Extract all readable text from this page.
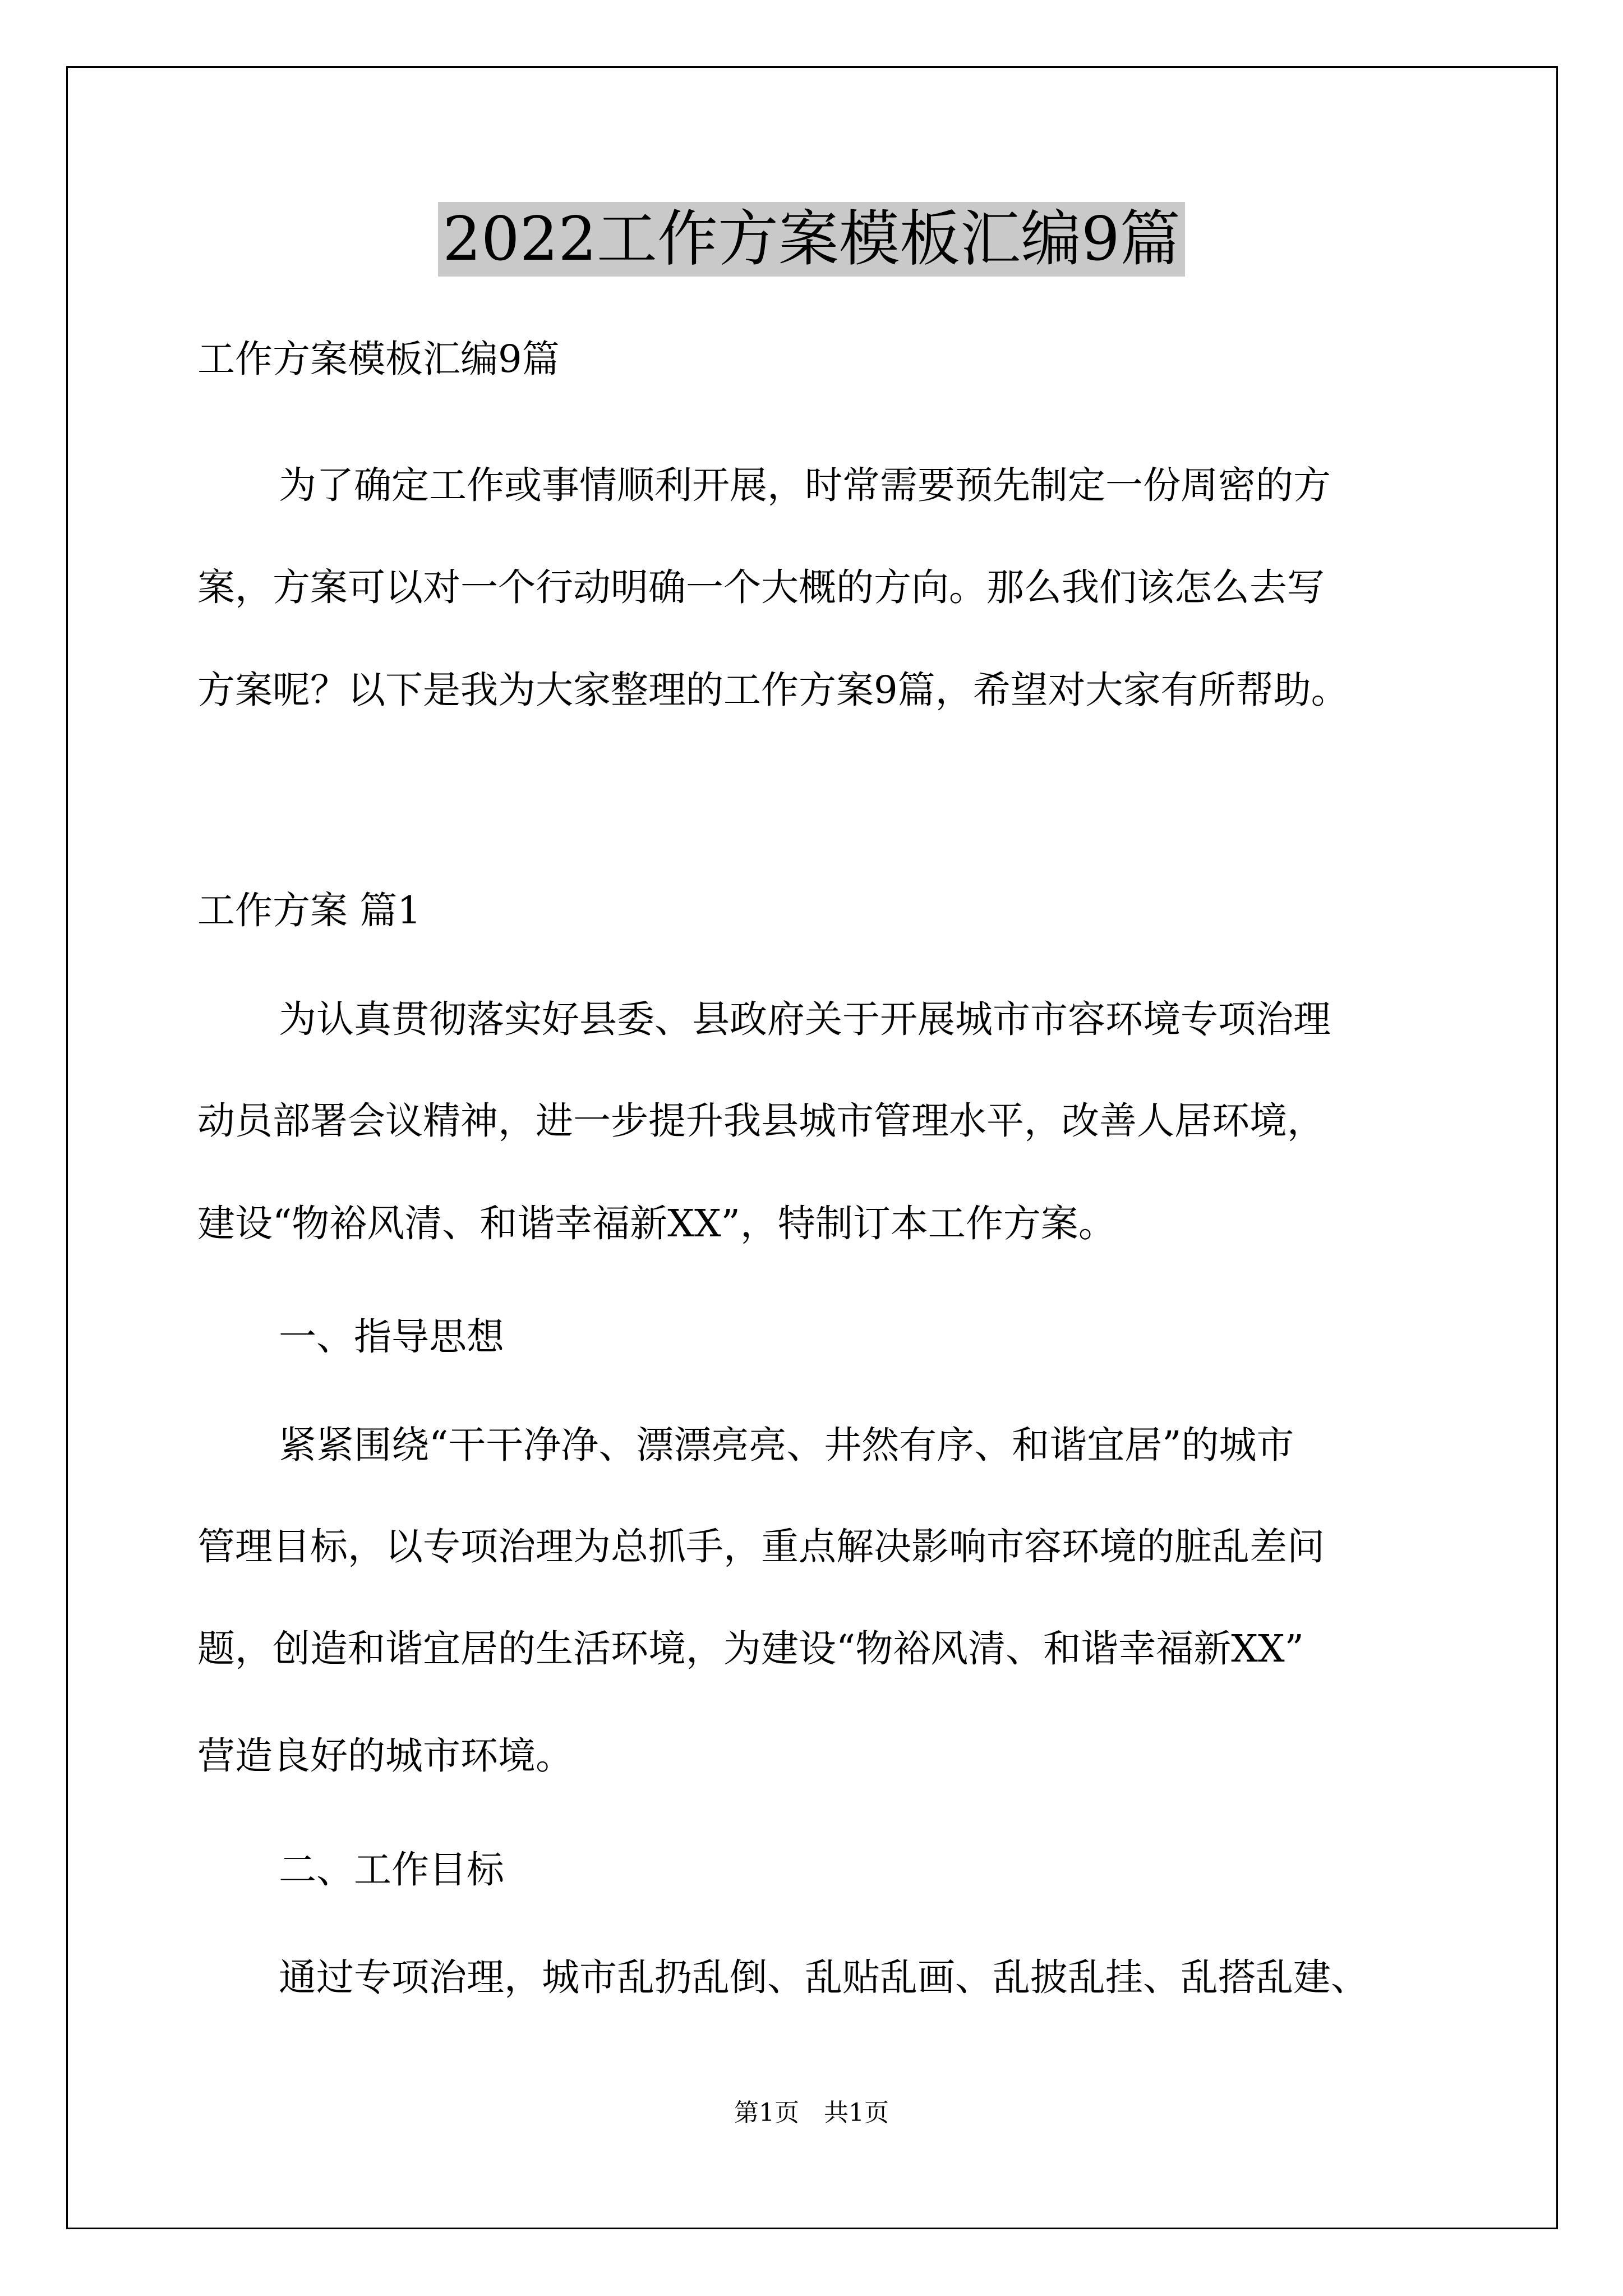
2022工作方案模板汇编9篇
工作方案模板汇编9篇
为了确定工作或事情顺利开展，时常需要预先制定一份周密的方
案，方案可以对一个行动明确一个大概的方向。那么我们该怎么去写
方案呢？以下是我为大家整理的工作方案9篇，希望对大家有所帮助。
工作方案 篇1
为认真贯彻落实好县委、县政府关于开展城市市容环境专项治理
动员部署会议精神，进一步提升我县城市管理水平，改善人居环境，
建设“物裕风清、和谐幸福新XX”，特制订本工作方案。
一、指导思想
紧紧围绕“干干净净、漂漂亮亮、井然有序、和谐宜居”的城市
管理目标，以专项治理为总抓手，重点解决影响市容环境的脏乱差问
题，创造和谐宜居的生活环境，为建设“物裕风清、和谐幸福新XX”
营造良好的城市环境。
二、工作目标
通过专项治理，城市乱扔乱倒、乱贴乱画、乱披乱挂、乱搭乱建、
第1页　共1页
